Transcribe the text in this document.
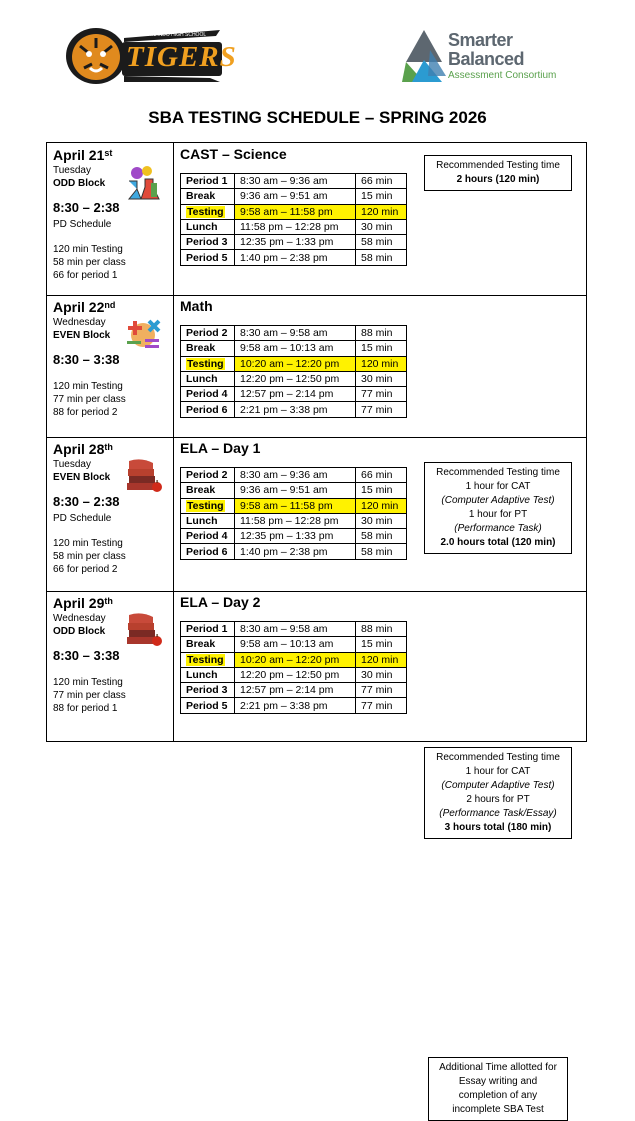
SAN FERNANDO HIGH SCHOOL
TIGERS
Smarter
Balanced
Assessment Consortium
SBA TESTING SCHEDULE – SPRING 2026
April 21st
Tuesday
ODD Block
8:30 – 2:38
PD Schedule
120 min Testing
58 min per class
66 for period 1
CAST – Science
Period 1	8:30 am – 9:36 am	66 min
Break	9:36 am – 9:51 am	15 min
Testing	9:58 am – 11:58 pm	120 min
Lunch	11:58 pm – 12:28 pm	30 min
Period 3	12:35 pm – 1:33 pm	58 min
Period 5	1:40 pm – 2:38 pm	58 min
Recommended Testing time
2 hours (120 min)
April 22nd
Wednesday
EVEN Block
8:30 – 3:38
120 min Testing
77 min per class
88 for period 2
Math
Period 2	8:30 am – 9:58 am	88 min
Break	9:58 am – 10:13 am	15 min
Testing	10:20 am – 12:20 pm	120 min
Lunch	12:20 pm – 12:50 pm	30 min
Period 4	12:57 pm – 2:14 pm	77 min
Period 6	2:21 pm – 3:38 pm	77 min
Recommended Testing time
1 hour for CAT
(Computer Adaptive Test)
1 hour for PT
(Performance Task)
2.0 hours total (120 min)
April 28th
Tuesday
EVEN Block
8:30 – 2:38
PD Schedule
120 min Testing
58 min per class
66 for period 2
ELA – Day 1
Period 2	8:30 am – 9:36 am	66 min
Break	9:36 am – 9:51 am	15 min
Testing	9:58 am – 11:58 pm	120 min
Lunch	11:58 pm – 12:28 pm	30 min
Period 4	12:35 pm – 1:33 pm	58 min
Period 6	1:40 pm – 2:38 pm	58 min
Recommended Testing time
1 hour for CAT
(Computer Adaptive Test)
2 hours for PT
(Performance Task/Essay)
3 hours total (180 min)
April 29th
Wednesday
ODD Block
8:30 – 3:38
120 min Testing
77 min per class
88 for period 1
ELA – Day 2
Period 1	8:30 am – 9:58 am	88 min
Break	9:58 am – 10:13 am	15 min
Testing	10:20 am – 12:20 pm	120 min
Lunch	12:20 pm – 12:50 pm	30 min
Period 3	12:57 pm – 2:14 pm	77 min
Period 5	2:21 pm – 3:38 pm	77 min
Additional Time allotted for
Essay writing and
completion of any
incomplete SBA Test
